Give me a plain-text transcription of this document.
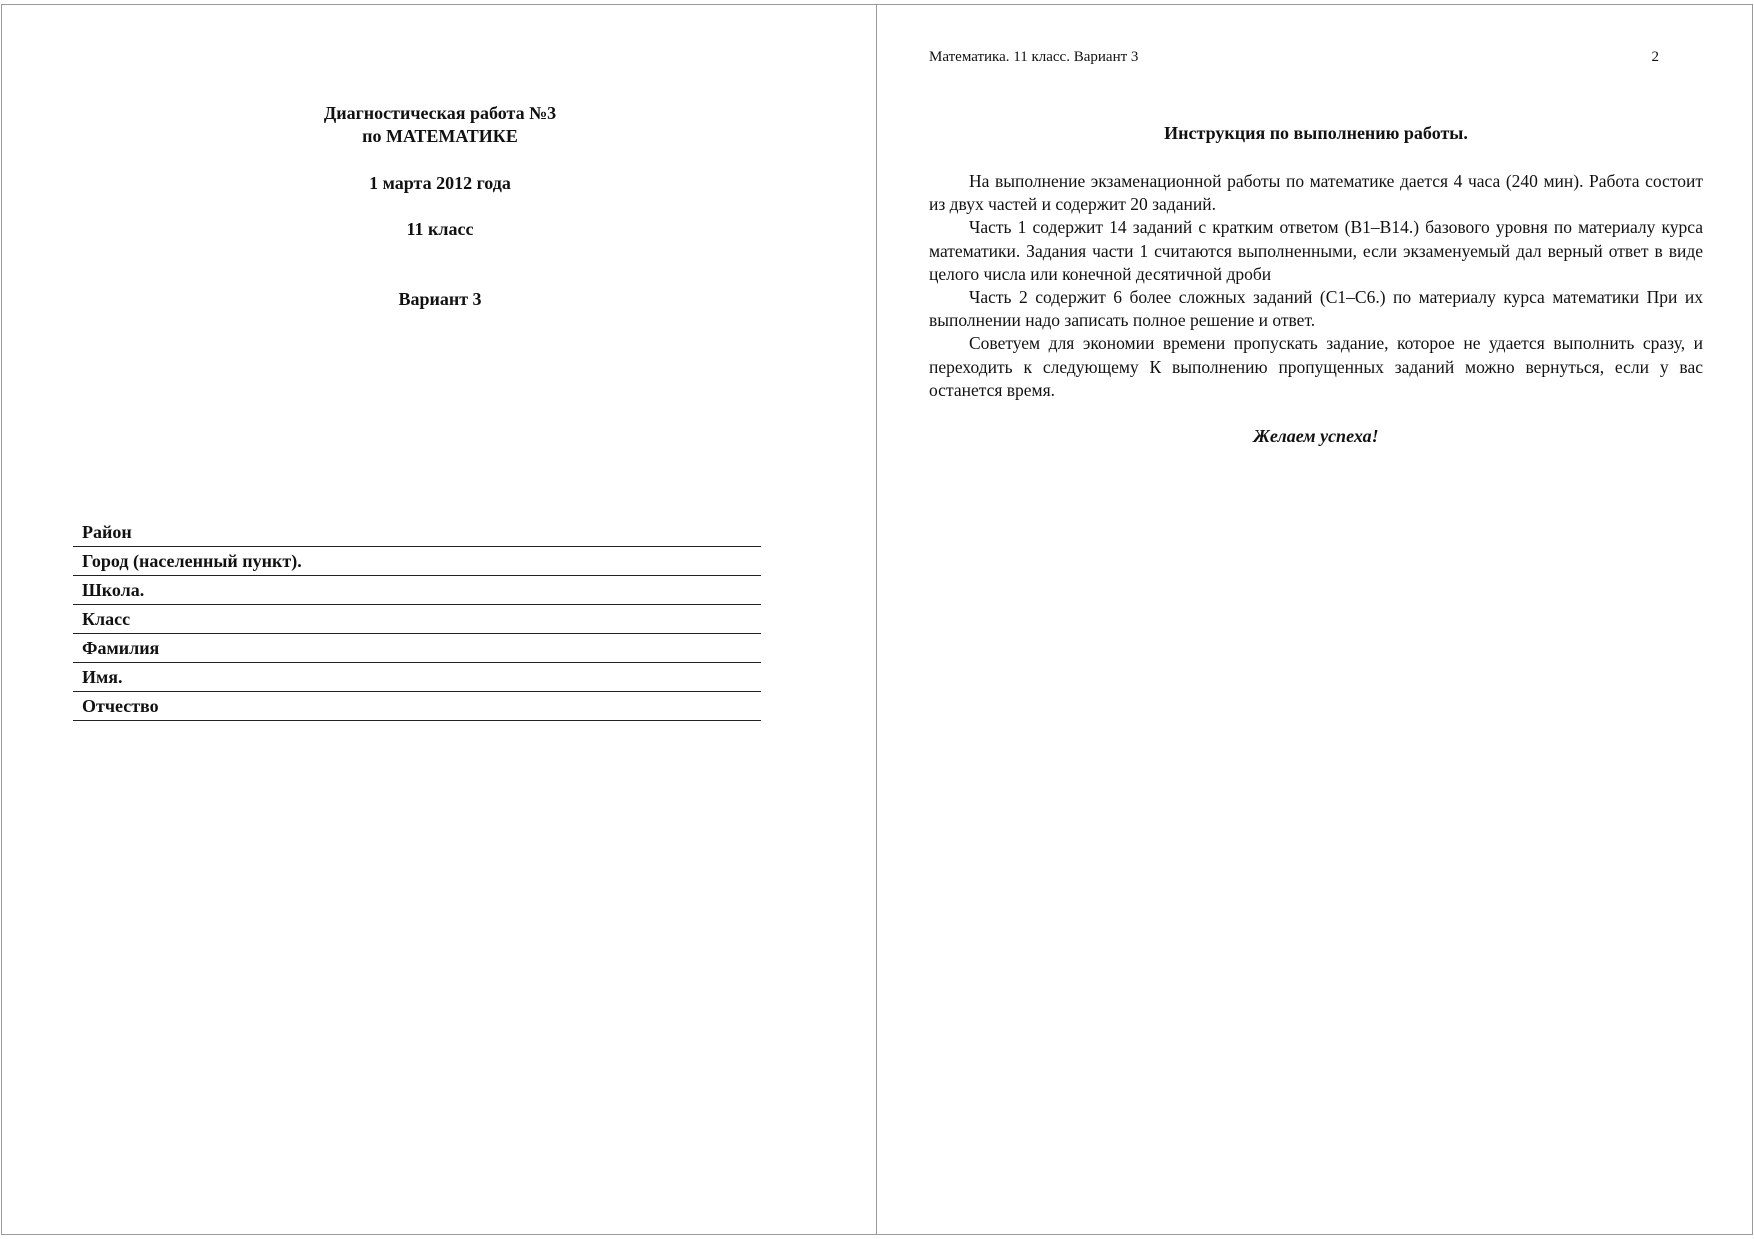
Диагностическая работа №3
по МАТЕМАТИКЕ
1 марта 2012 года
11 класс
Вариант 3
Район
Город (населенный пункт).
Школа.
Класс
Фамилия
Имя.
Отчество
Математика. 11 класс. Вариант 3	2
Инструкция по выполнению работы.

На выполнение экзаменационной работы по математике дается 4 часа (240 мин). Работа состоит из двух частей и содержит 20 заданий.

Часть 1 содержит 14 заданий с кратким ответом (B1–B14.) базового уровня по материалу курса математики. Задания части 1 считаются выполненными, если экзаменуемый дал верный ответ в виде целого числа или конечной десятичной дроби

Часть 2 содержит 6 более сложных заданий (С1–С6.) по материалу курса математики При их выполнении надо записать полное решение и ответ.

Советуем для экономии времени пропускать задание, которое не удается выполнить сразу, и переходить к следующему К выполнению пропущенных заданий можно вернуться, если у вас останется время.

Желаем успеха!
